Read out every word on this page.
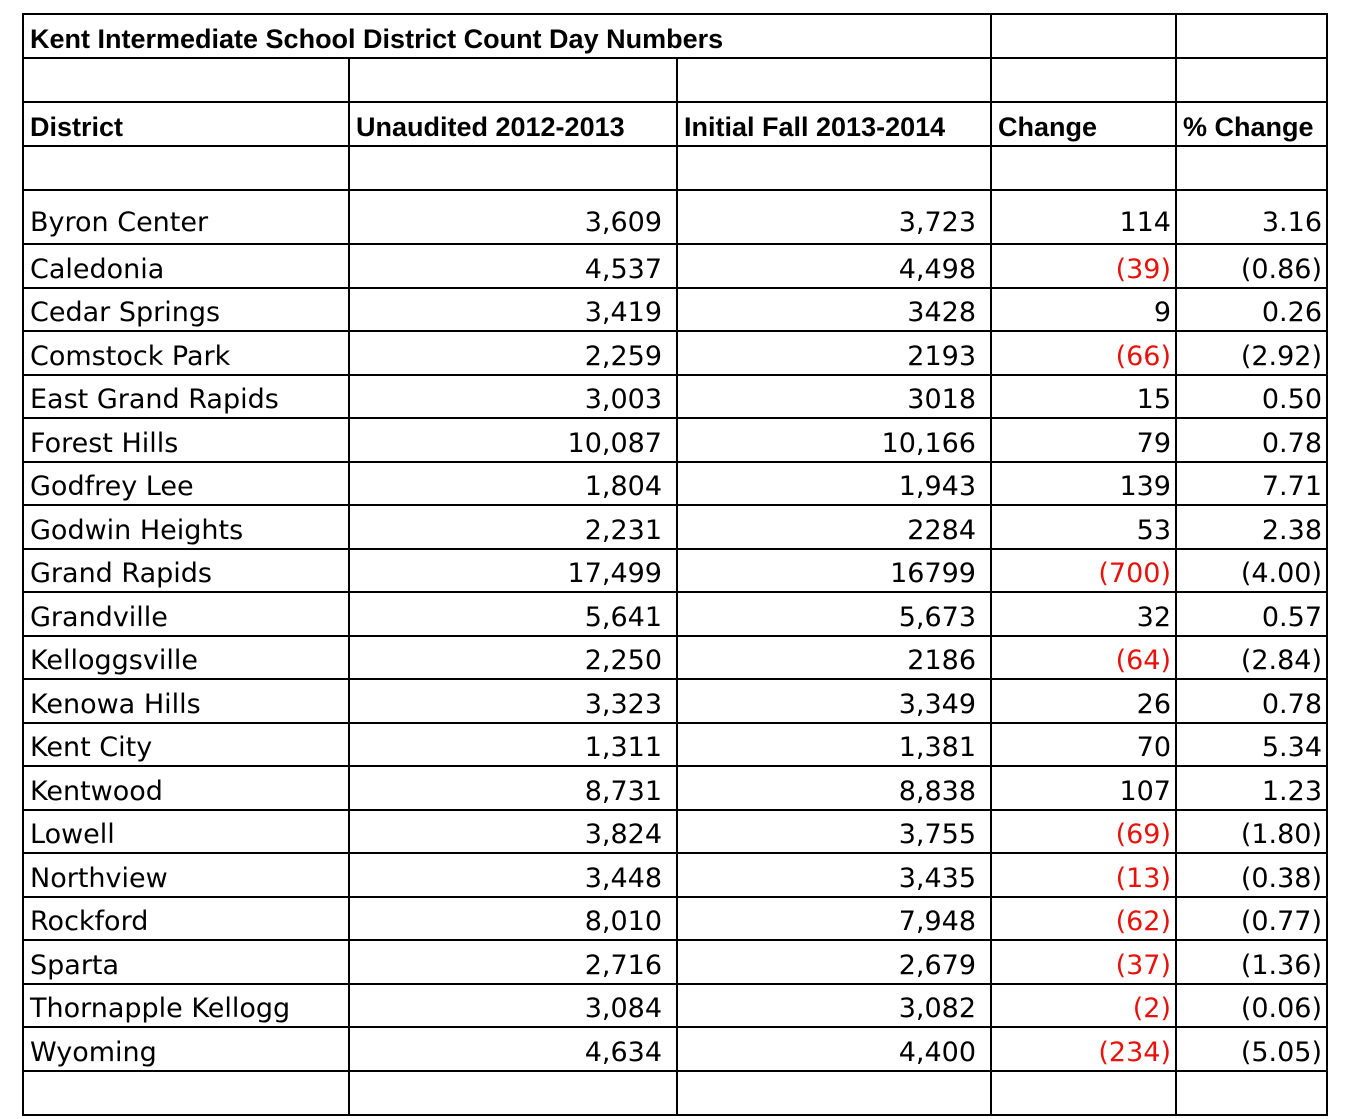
Kent Intermediate School District Count Day Numbers				

District	Unaudited 2012-2013	Initial Fall 2013-2014	Change	% Change

Byron Center	3,609	3,723	114	3.16
Caledonia	4,537	4,498	(39)	(0.86)
Cedar Springs	3,419	3428	9	0.26
Comstock Park	2,259	2193	(66)	(2.92)
East Grand Rapids	3,003	3018	15	0.50
Forest Hills	10,087	10,166	79	0.78
Godfrey Lee	1,804	1,943	139	7.71
Godwin Heights	2,231	2284	53	2.38
Grand Rapids	17,499	16799	(700)	(4.00)
Grandville	5,641	5,673	32	0.57
Kelloggsville	2,250	2186	(64)	(2.84)
Kenowa Hills	3,323	3,349	26	0.78
Kent City	1,311	1,381	70	5.34
Kentwood	8,731	8,838	107	1.23
Lowell	3,824	3,755	(69)	(1.80)
Northview	3,448	3,435	(13)	(0.38)
Rockford	8,010	7,948	(62)	(0.77)
Sparta	2,716	2,679	(37)	(1.36)
Thornapple Kellogg	3,084	3,082	(2)	(0.06)
Wyoming	4,634	4,400	(234)	(5.05)
